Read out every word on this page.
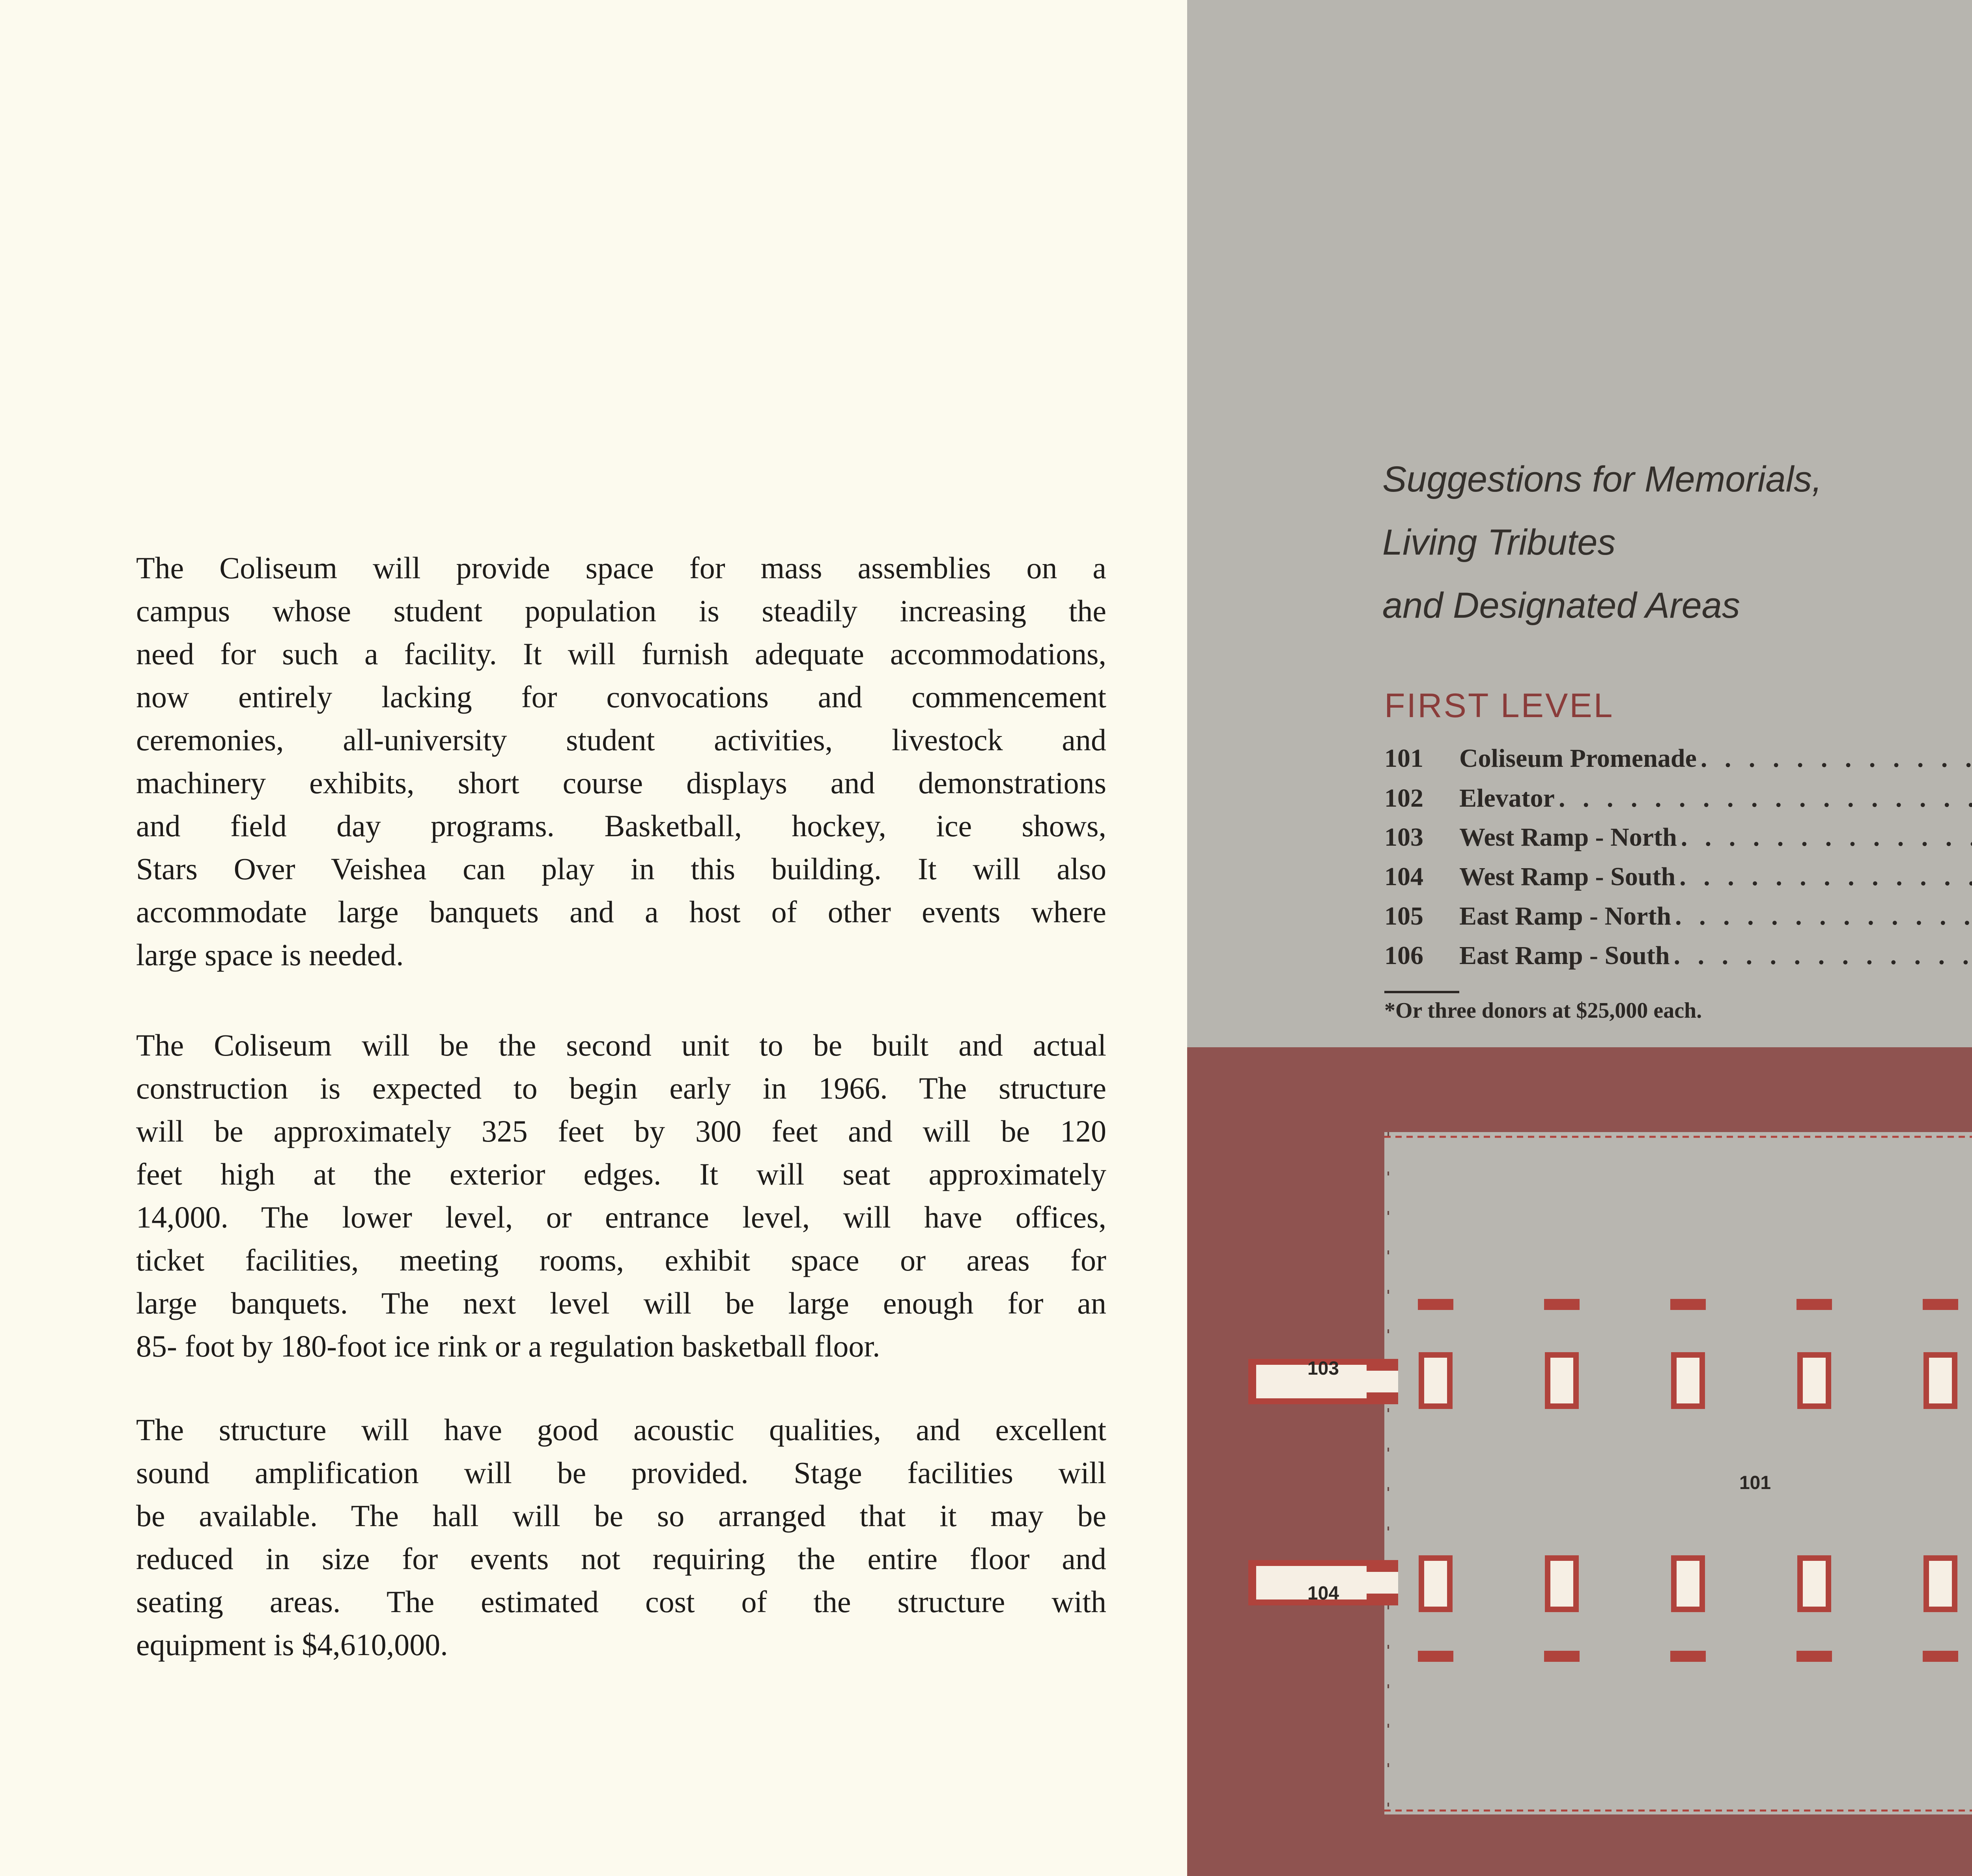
The Coliseum will provide space for mass assemblies on a
campus whose student population is steadily increasing the
need for such a facility. It will furnish adequate accommodations,
now entirely lacking for convocations and commencement
ceremonies, all-university student activities, livestock and
machinery exhibits, short course displays and demonstrations
and field day programs. Basketball, hockey, ice shows,
Stars Over Veishea can play in this building. It will also
accommodate large banquets and a host of other events where
large space is needed.
The Coliseum will be the second unit to be built and actual
construction is expected to begin early in 1966. The structure
will be approximately 325 feet by 300 feet and will be 120
feet high at the exterior edges. It will seat approximately
14,000. The lower level, or entrance level, will have offices,
ticket facilities, meeting rooms, exhibit space or areas for
large banquets. The next level will be large enough for an
85- foot by 180-foot ice rink or a regulation basketball floor.
The structure will have good acoustic qualities, and excellent
sound amplification will be provided. Stage facilities will
be available. The hall will be so arranged that it may be
reduced in size for events not requiring the entire floor and
seating areas. The estimated cost of the structure with
equipment is $4,610,000.
Suggestions for Memorials,
Living Tributes
and Designated Areas
FIRST LEVEL
101	Coliseum Promenade
. . .
102	Elevator
. . .
103	West Ramp - North
. . .
104	West Ramp - South
. . .
105	East Ramp - North
. . .
106	East Ramp - South
. . .

*Or three donors at $25,000 each.

103
104
101
